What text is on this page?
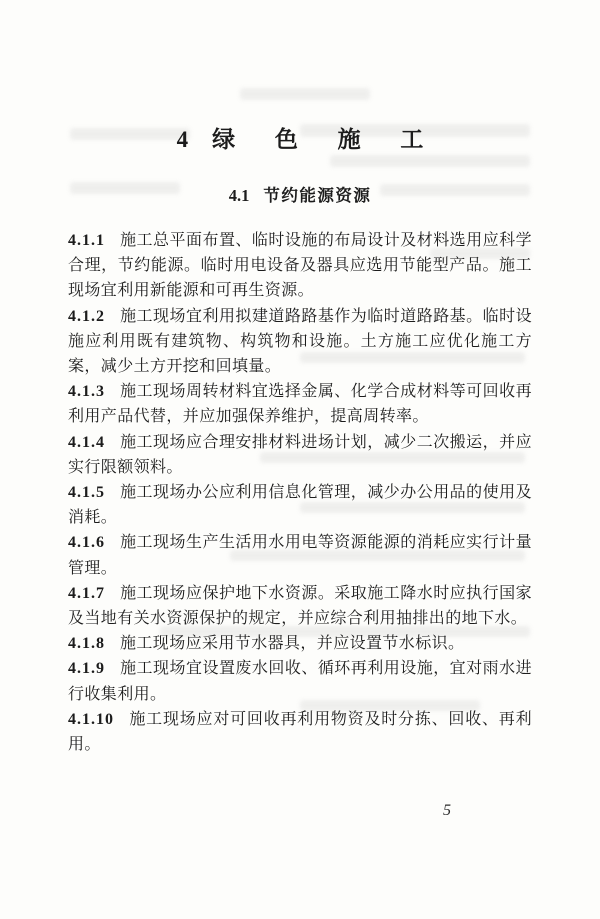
4 绿 色 施 工
4.1 节约能源资源

4.1.1 施工总平面布置、临时设施的布局设计及材料选用应科学合理，节约能源。临时用电设备及器具应选用节能型产品。施工现场宜利用新能源和可再生资源。

4.1.2 施工现场宜利用拟建道路路基作为临时道路路基。临时设施应利用既有建筑物、构筑物和设施。土方施工应优化施工方案，减少土方开挖和回填量。

4.1.3 施工现场周转材料宜选择金属、化学合成材料等可回收再利用产品代替，并应加强保养维护，提高周转率。

4.1.4 施工现场应合理安排材料进场计划，减少二次搬运，并应实行限额领料。

4.1.5 施工现场办公应利用信息化管理，减少办公用品的使用及消耗。

4.1.6 施工现场生产生活用水用电等资源能源的消耗应实行计量管理。

4.1.7 施工现场应保护地下水资源。采取施工降水时应执行国家及当地有关水资源保护的规定，并应综合利用抽排出的地下水。

4.1.8 施工现场应采用节水器具，并应设置节水标识。

4.1.9 施工现场宜设置废水回收、循环再利用设施，宜对雨水进行收集利用。

4.1.10 施工现场应对可回收再利用物资及时分拣、回收、再利用。

5
